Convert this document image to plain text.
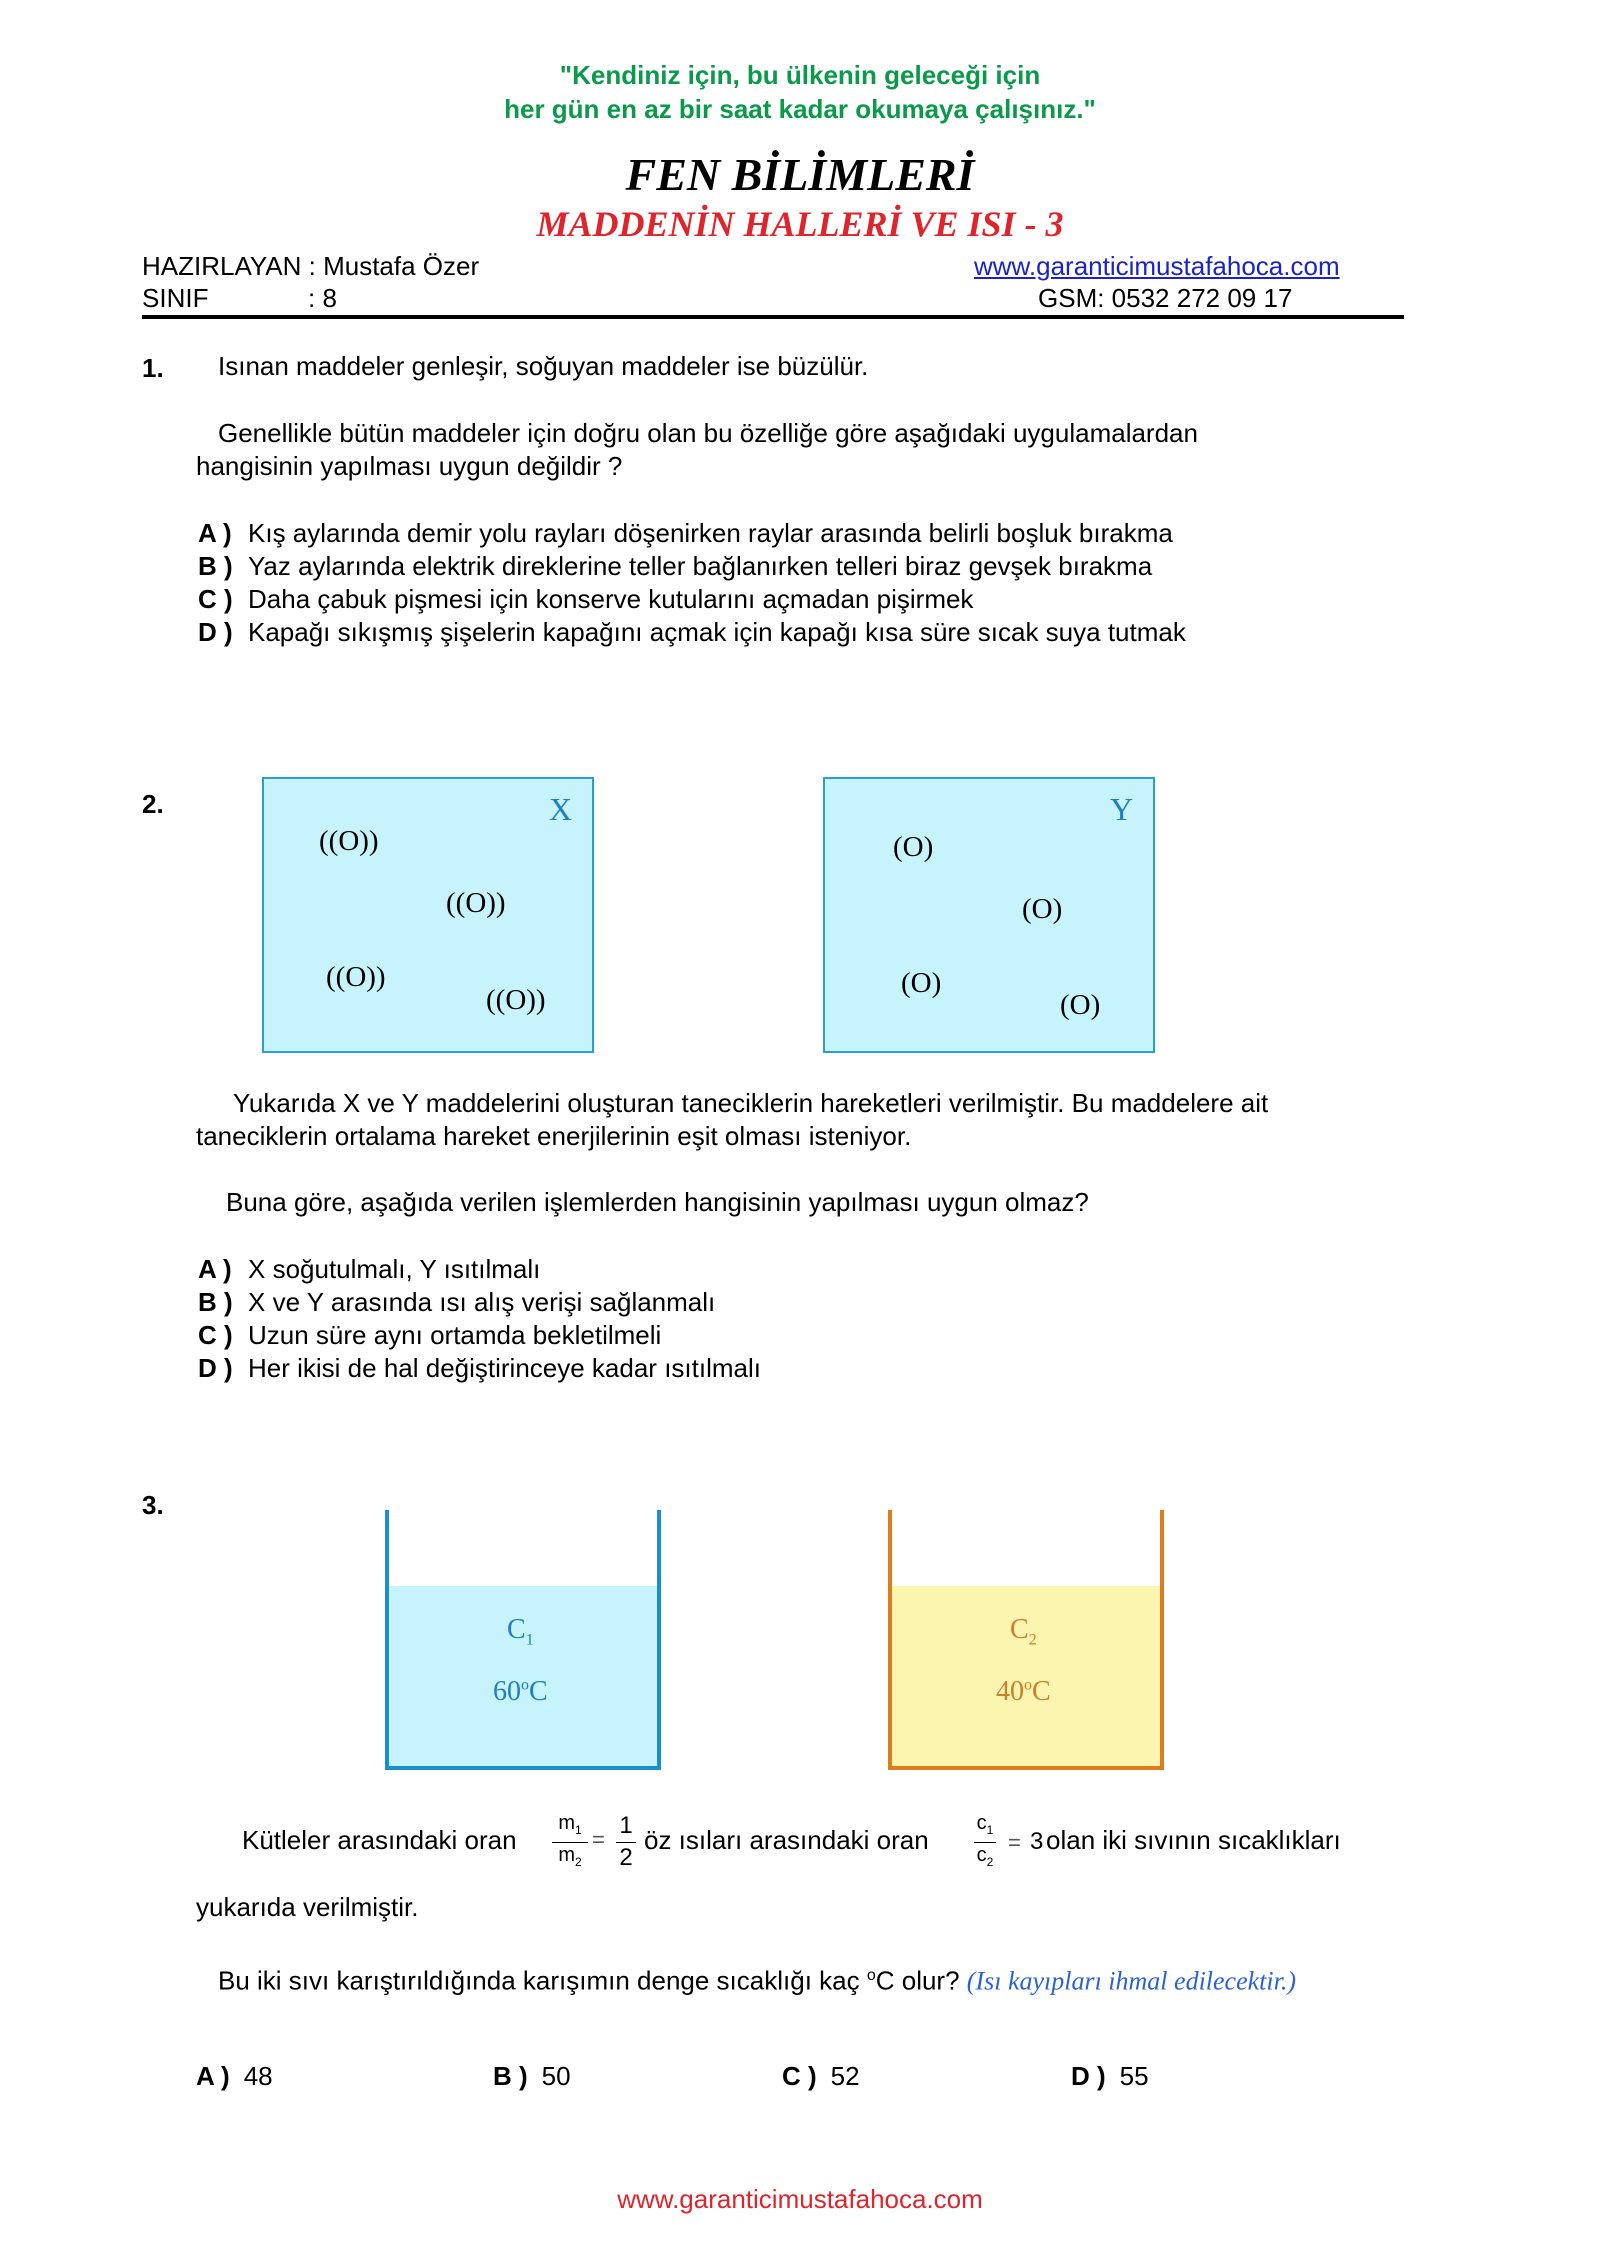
"Kendiniz için, bu ülkenin geleceği için
her gün en az bir saat kadar okumaya çalışınız."
FEN BİLİMLERİ
MADDENİN HALLERİ VE ISI - 3
HAZIRLAYAN : Mustafa Özer
SINIF	: 8
www.garanticimustafahoca.com
GSM: 0532 272 09 17
1. Isınan maddeler genleşir, soğuyan maddeler ise büzülür.
Genellikle bütün maddeler için doğru olan bu özelliğe göre aşağıdaki uygulamalardan
hangisinin yapılması uygun değildir ?
A ) Kış aylarında demir yolu rayları döşenirken raylar arasında belirli boşluk bırakma
B ) Yaz aylarında elektrik direklerine teller bağlanırken telleri biraz gevşek bırakma
C ) Daha çabuk pişmesi için konserve kutularını açmadan pişirmek
D ) Kapağı sıkışmış şişelerin kapağını açmak için kapağı kısa süre sıcak suya tutmak
2.	X
((O))
((O))
((O))
((O))
Y
(O)
(O)
(O)
(O)
Yukarıda X ve Y maddelerini oluşturan taneciklerin hareketleri verilmiştir. Bu maddelere ait
taneciklerin ortalama hareket enerjilerinin eşit olması isteniyor.
Buna göre, aşağıda verilen işlemlerden hangisinin yapılması uygun olmaz?
A ) X soğutulmalı, Y ısıtılmalı
B ) X ve Y arasında ısı alış verişi sağlanmalı
C ) Uzun süre aynı ortamda bekletilmeli
D ) Her ikisi de hal değiştirinceye kadar ısıtılmalı
3.
$C_1$
60$^o$C
$C_2$
40$^o$C
Kütleler arasındaki oran
$m_1$
$m_2$
=
1
2
öz ısıları arasındaki oran
$c_1$
$c_2$
= 3 olan iki sıvının sıcaklıkları
yukarıda verilmiştir.
Bu iki sıvı karıştırıldığında karışımın denge sıcaklığı kaç $^o$C olur? (Isı kayıpları ihmal edilecektir.)
A ) 48	B ) 50	C ) 52	D ) 55
www.garanticimustafahoca.com
